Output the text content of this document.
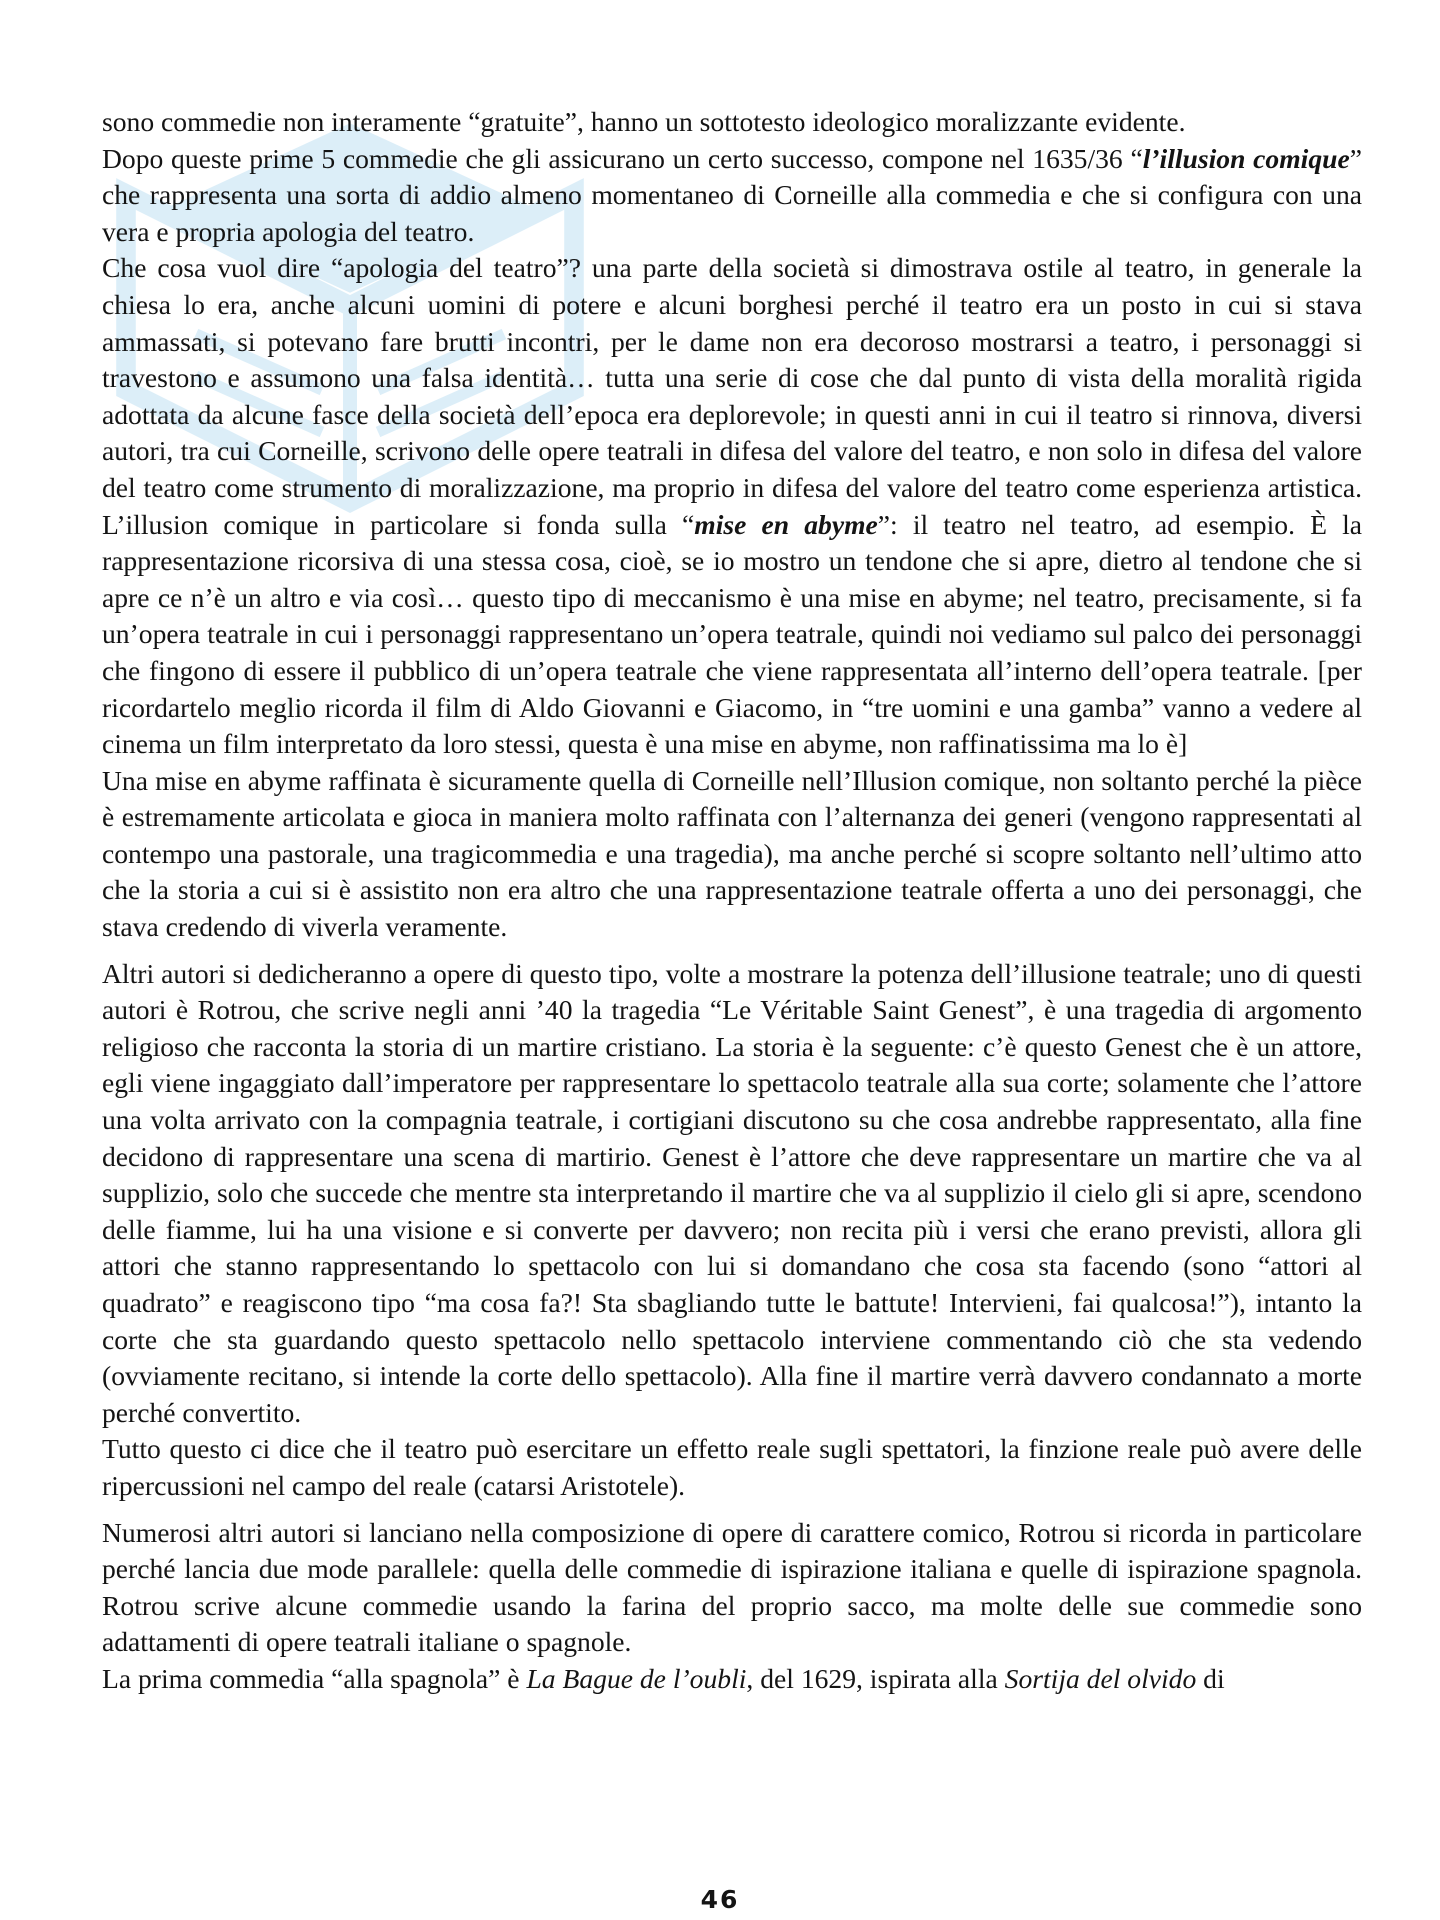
sono commedie non interamente “gratuite”, hanno un sottotesto ideologico moralizzante evidente.

Dopo queste prime 5 commedie che gli assicurano un certo successo, compone nel 1635/36 “l’illusion comique” che rappresenta una sorta di addio almeno momentaneo di Corneille alla commedia e che si configura con una vera e propria apologia del teatro.

Che cosa vuol dire “apologia del teatro”? una parte della società si dimostrava ostile al teatro, in generale la chiesa lo era, anche alcuni uomini di potere e alcuni borghesi perché il teatro era un posto in cui si stava ammassati, si potevano fare brutti incontri, per le dame non era decoroso mostrarsi a teatro, i personaggi si travestono e assumono una falsa identità… tutta una serie di cose che dal punto di vista della moralità rigida adottata da alcune fasce della società dell’epoca era deplorevole; in questi anni in cui il teatro si rinnova, diversi autori, tra cui Corneille, scrivono delle opere teatrali in difesa del valore del teatro, e non solo in difesa del valore del teatro come strumento di moralizzazione, ma proprio in difesa del valore del teatro come esperienza artistica. L’illusion comique in particolare si fonda sulla “mise en abyme”: il teatro nel teatro, ad esempio. È la rappresentazione ricorsiva di una stessa cosa, cioè, se io mostro un tendone che si apre, dietro al tendone che si apre ce n’è un altro e via così… questo tipo di meccanismo è una mise en abyme; nel teatro, precisamente, si fa un’opera teatrale in cui i personaggi rappresentano un’opera teatrale, quindi noi vediamo sul palco dei personaggi che fingono di essere il pubblico di un’opera teatrale che viene rappresentata all’interno dell’opera teatrale. [per ricordartelo meglio ricorda il film di Aldo Giovanni e Giacomo, in “tre uomini e una gamba” vanno a vedere al cinema un film interpretato da loro stessi, questa è una mise en abyme, non raffinatissima ma lo è]

Una mise en abyme raffinata è sicuramente quella di Corneille nell’Illusion comique, non soltanto perché la pièce è estremamente articolata e gioca in maniera molto raffinata con l’alternanza dei generi (vengono rappresentati al contempo una pastorale, una tragicommedia e una tragedia), ma anche perché si scopre soltanto nell’ultimo atto che la storia a cui si è assistito non era altro che una rappresentazione teatrale offerta a uno dei personaggi, che stava credendo di viverla veramente.

Altri autori si dedicheranno a opere di questo tipo, volte a mostrare la potenza dell’illusione teatrale; uno di questi autori è Rotrou, che scrive negli anni ’40 la tragedia “Le Véritable Saint Genest”, è una tragedia di argomento religioso che racconta la storia di un martire cristiano. La storia è la seguente: c’è questo Genest che è un attore, egli viene ingaggiato dall’imperatore per rappresentare lo spettacolo teatrale alla sua corte; solamente che l’attore una volta arrivato con la compagnia teatrale, i cortigiani discutono su che cosa andrebbe rappresentato, alla fine decidono di rappresentare una scena di martirio. Genest è l’attore che deve rappresentare un martire che va al supplizio, solo che succede che mentre sta interpretando il martire che va al supplizio il cielo gli si apre, scendono delle fiamme, lui ha una visione e si converte per davvero; non recita più i versi che erano previsti, allora gli attori che stanno rappresentando lo spettacolo con lui si domandano che cosa sta facendo (sono “attori al quadrato” e reagiscono tipo “ma cosa fa?! Sta sbagliando tutte le battute! Intervieni, fai qualcosa!”), intanto la corte che sta guardando questo spettacolo nello spettacolo interviene commentando ciò che sta vedendo (ovviamente recitano, si intende la corte dello spettacolo). Alla fine il martire verrà davvero condannato a morte perché convertito.

Tutto questo ci dice che il teatro può esercitare un effetto reale sugli spettatori, la finzione reale può avere delle ripercussioni nel campo del reale (catarsi Aristotele).

Numerosi altri autori si lanciano nella composizione di opere di carattere comico, Rotrou si ricorda in particolare perché lancia due mode parallele: quella delle commedie di ispirazione italiana e quelle di ispirazione spagnola. Rotrou scrive alcune commedie usando la farina del proprio sacco, ma molte delle sue commedie sono adattamenti di opere teatrali italiane o spagnole.

La prima commedia “alla spagnola” è La Bague de l’oubli, del 1629, ispirata alla Sortija del olvido di

46
